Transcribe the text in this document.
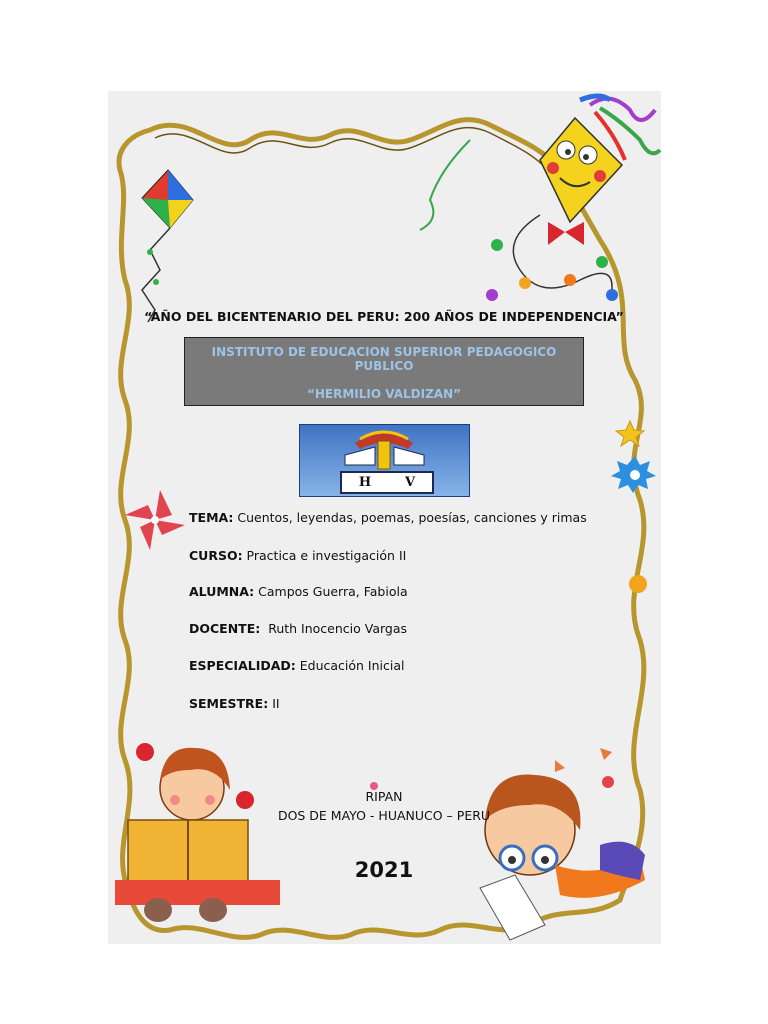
“AÑO DEL BICENTENARIO DEL PERU: 200 AÑOS DE INDEPENDENCIA”
INSTITUTO DE EDUCACION SUPERIOR PEDAGOGICO PUBLICO
“HERMILIO VALDIZAN”
H	V
TEMA: Cuentos, leyendas, poemas, poesías, canciones y rimas
CURSO: Practica e investigación II
ALUMNA: Campos Guerra, Fabiola
DOCENTE:  Ruth Inocencio Vargas
ESPECIALIDAD: Educación Inicial
SEMESTRE: II
RIPAN
DOS DE MAYO - HUANUCO – PERU
2021
